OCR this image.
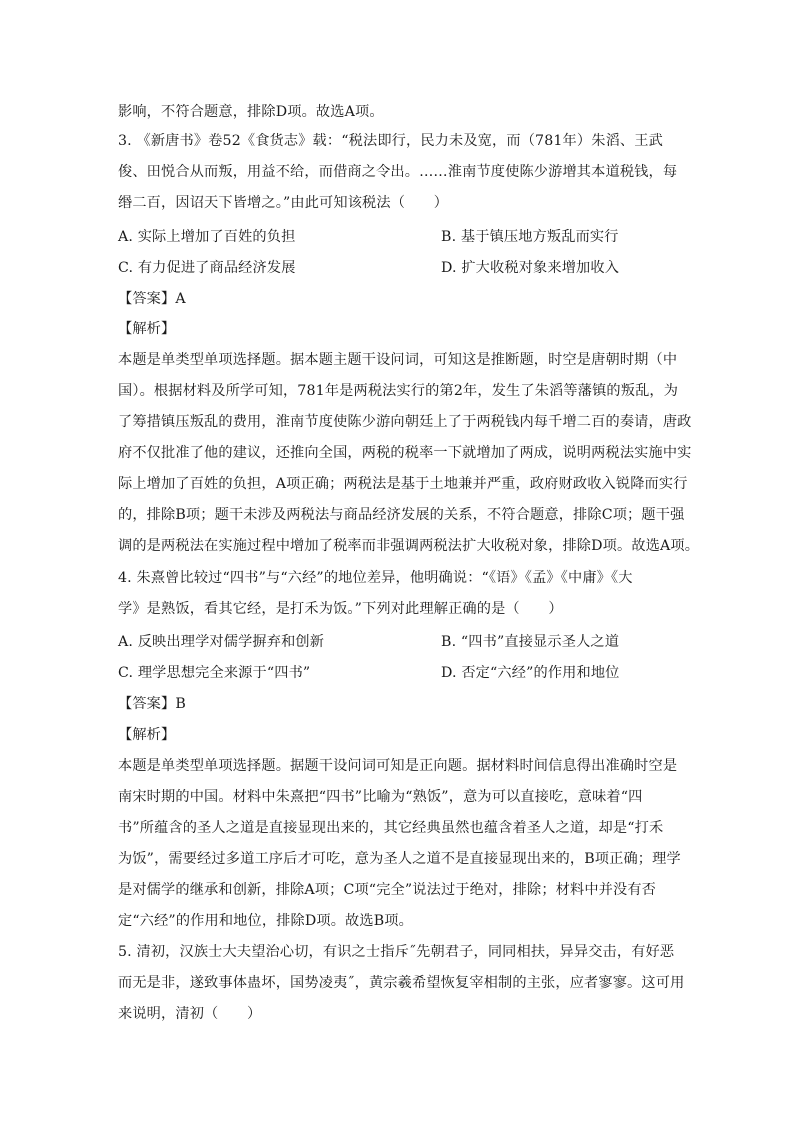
影响，不符合题意，排除D项。故选A项。
3. 《新唐书》卷52《食货志》载：“税法即行，民力未及宽，而（781年）朱滔、王武
俊、田悦合从而叛，用益不给，而借商之令出。……淮南节度使陈少游增其本道税钱，每
缗二百，因诏天下皆增之。”由此可知该税法（　　）
A. 实际上增加了百姓的负担	B. 基于镇压地方叛乱而实行
C. 有力促进了商品经济发展	D. 扩大收税对象来增加收入
【答案】A
【解析】
本题是单类型单项选择题。据本题主题干设问词，可知这是推断题，时空是唐朝时期（中
国）。根据材料及所学可知，781年是两税法实行的第2年，发生了朱滔等藩镇的叛乱，为
了筹措镇压叛乱的费用，淮南节度使陈少游向朝廷上了于两税钱内每千增二百的奏请，唐政
府不仅批准了他的建议，还推向全国，两税的税率一下就增加了两成，说明两税法实施中实
际上增加了百姓的负担，A项正确；两税法是基于土地兼并严重，政府财政收入锐降而实行
的，排除B项；题干未涉及两税法与商品经济发展的关系，不符合题意，排除C项；题干强
调的是两税法在实施过程中增加了税率而非强调两税法扩大收税对象，排除D项。故选A项。
4. 朱熹曾比较过“四书”与“六经”的地位差异，他明确说：“《语》《孟》《中庸》《大
学》是熟饭，看其它经，是打禾为饭。”下列对此理解正确的是（　　）
A. 反映出理学对儒学摒弃和创新	B. “四书”直接显示圣人之道
C. 理学思想完全来源于“四书”	D. 否定“六经”的作用和地位
【答案】B
【解析】
本题是单类型单项选择题。据题干设问词可知是正向题。据材料时间信息得出准确时空是
南宋时期的中国。材料中朱熹把“四书”比喻为“熟饭”，意为可以直接吃，意味着“四
书”所蕴含的圣人之道是直接显现出来的，其它经典虽然也蕴含着圣人之道，却是“打禾
为饭”，需要经过多道工序后才可吃，意为圣人之道不是直接显现出来的，B项正确；理学
是对儒学的继承和创新，排除A项；C项“完全”说法过于绝对，排除；材料中并没有否
定“六经”的作用和地位，排除D项。故选B项。
5. 清初，汉族士大夫望治心切，有识之士指斥˝先朝君子，同同相扶，异异交击，有好恶
而无是非，遂致事体蛊坏，国势凌夷˝，黄宗羲希望恢复宰相制的主张，应者寥寥。这可用
来说明，清初（　　）
